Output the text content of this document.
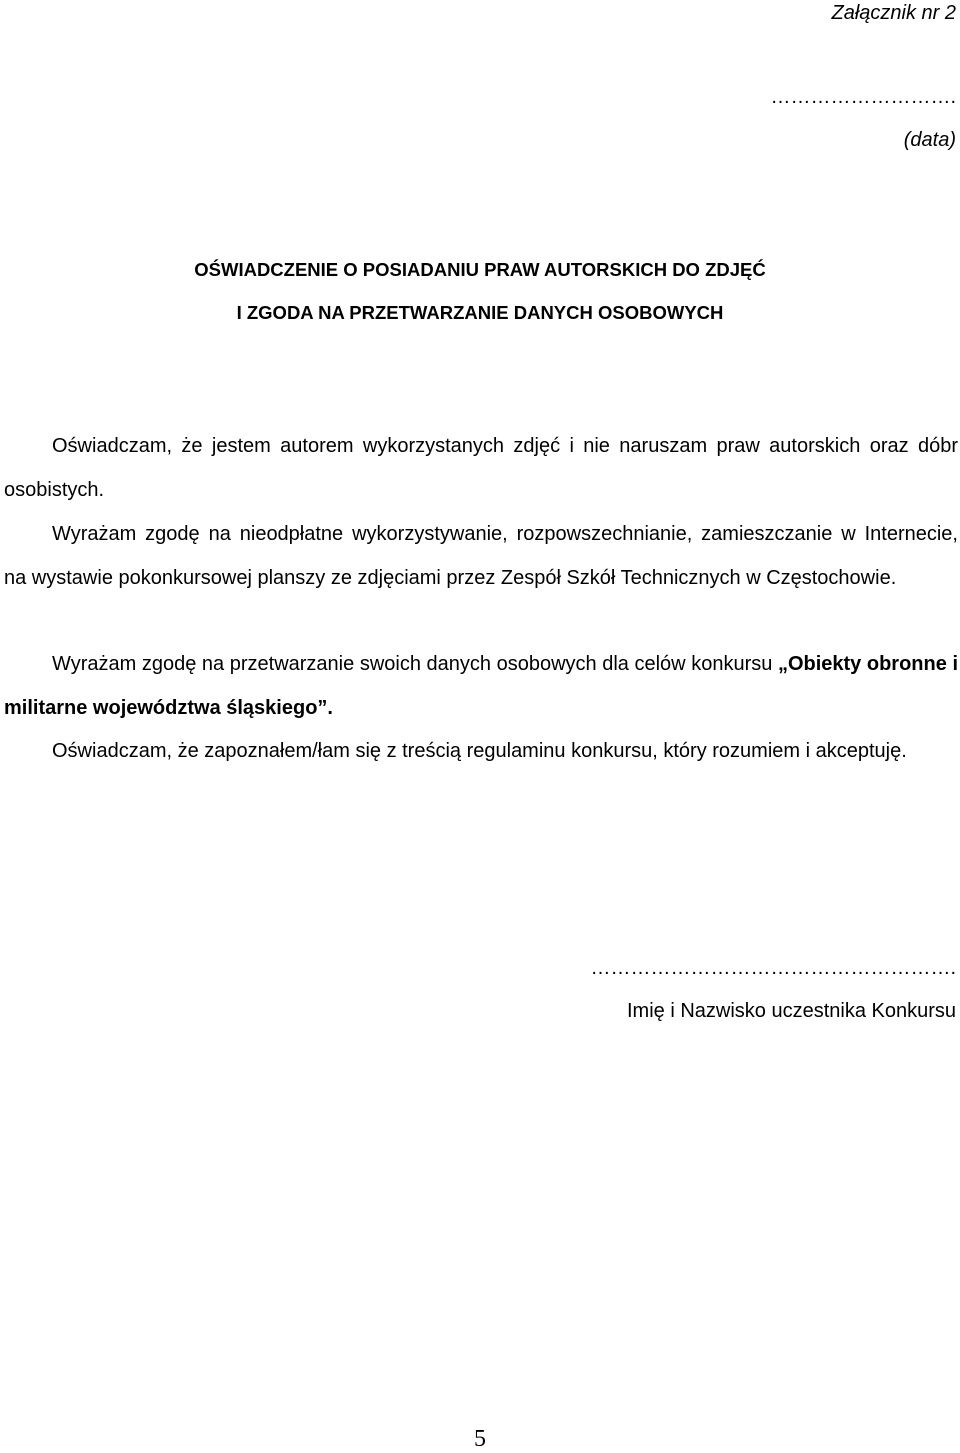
Załącznik nr 2
……………………….
(data)
OŚWIADCZENIE O POSIADANIU PRAW AUTORSKICH DO ZDJĘĆ
I ZGODA NA PRZETWARZANIE DANYCH OSOBOWYCH
Oświadczam, że jestem autorem wykorzystanych zdjęć i nie naruszam praw autorskich oraz dóbr osobistych.
Wyrażam zgodę na nieodpłatne wykorzystywanie, rozpowszechnianie, zamieszczanie w Internecie, na wystawie pokonkursowej planszy ze zdjęciami przez Zespół Szkół Technicznych w Częstochowie.
Wyrażam zgodę na przetwarzanie swoich danych osobowych dla celów konkursu „Obiekty obronne i militarne województwa śląskiego”.
Oświadczam, że zapoznałem/łam się z treścią regulaminu konkursu, który rozumiem i akceptuję.
……………………………………………….
Imię i Nazwisko uczestnika Konkursu
5
